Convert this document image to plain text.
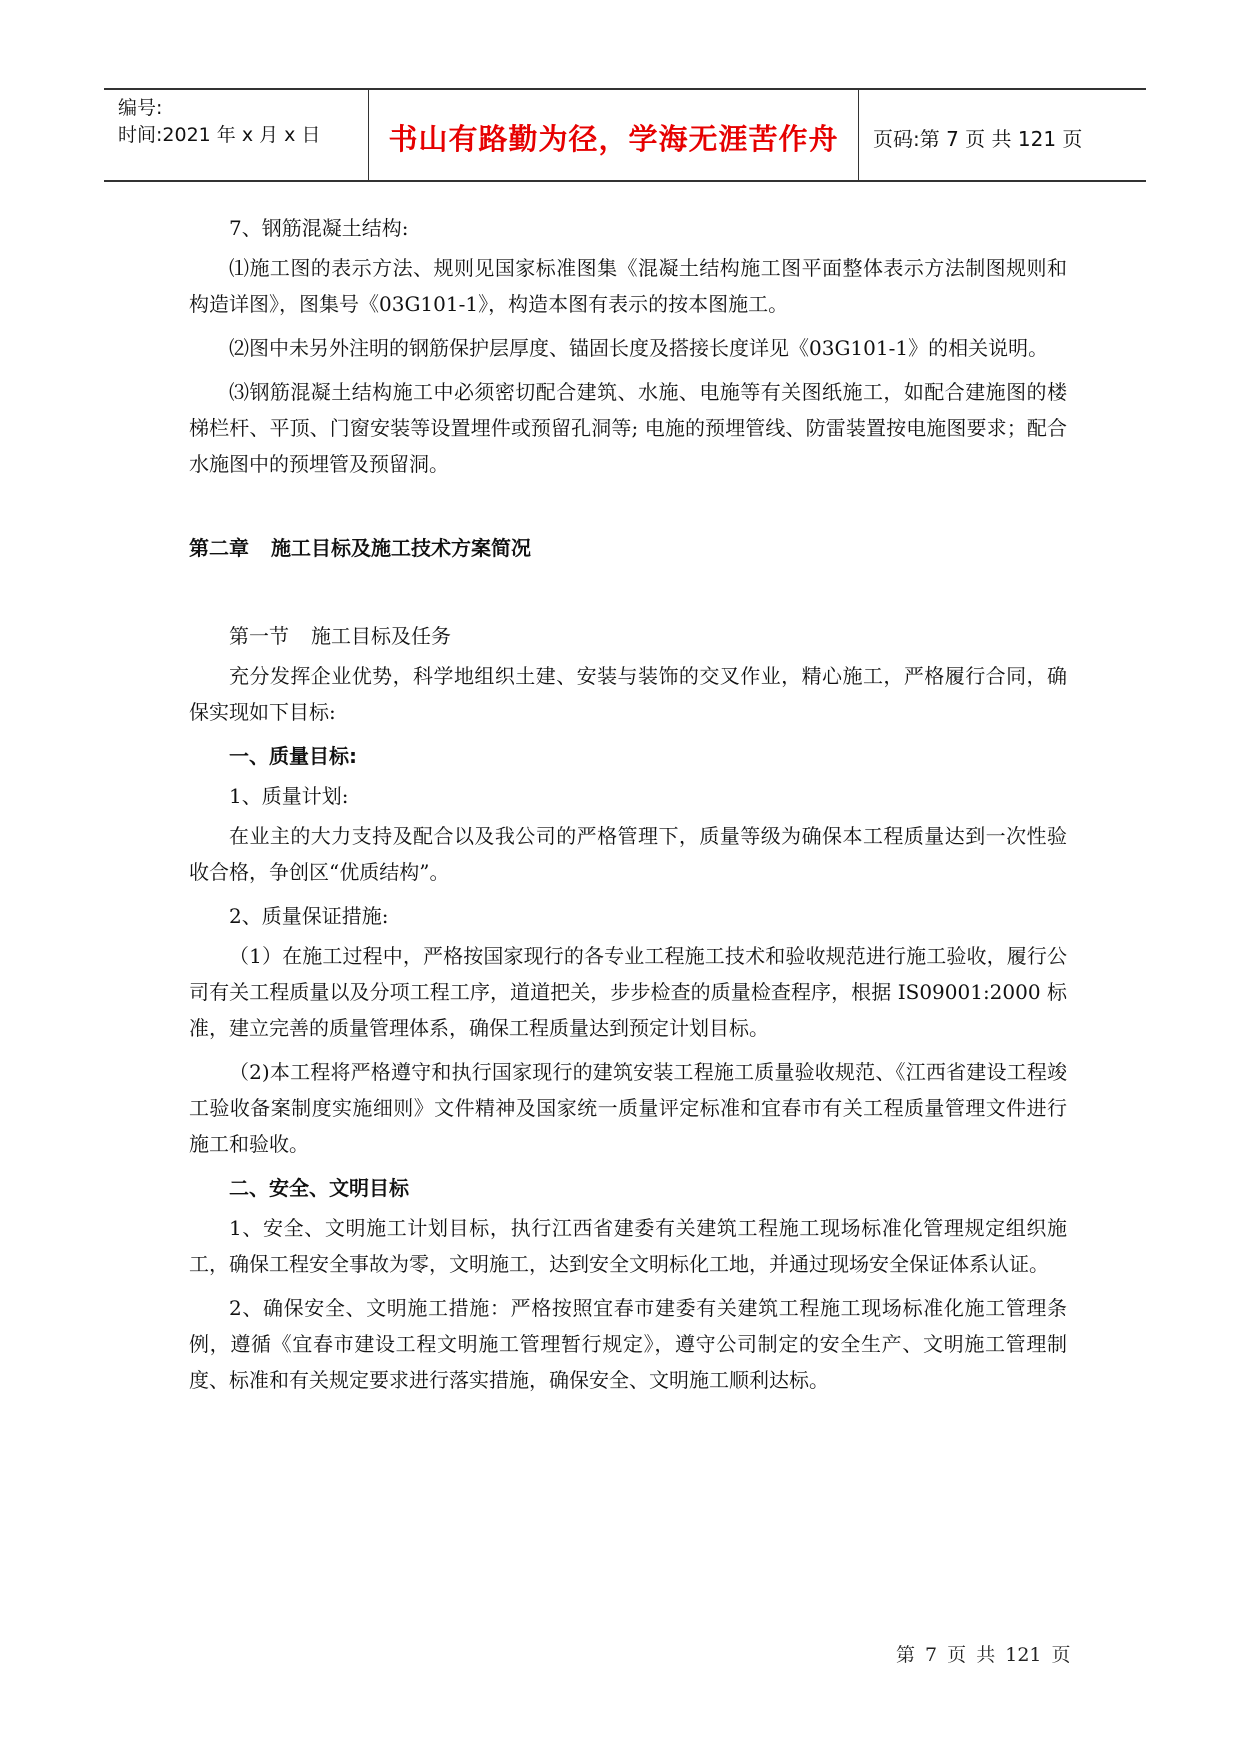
编号:
时间:2021 年 x 月 x 日	书山有路勤为径，学海无涯苦作舟	页码:第 7 页 共 121 页

7、钢筋混凝土结构:

⑴施工图的表示方法、规则见国家标准图集《混凝土结构施工图平面整体表示方法制图规则和构造详图》，图集号《03G101-1》，构造本图有表示的按本图施工。

⑵图中未另外注明的钢筋保护层厚度、锚固长度及搭接长度详见《03G101-1》的相关说明。

⑶钢筋混凝土结构施工中必须密切配合建筑、水施、电施等有关图纸施工，如配合建施图的楼梯栏杆、平顶、门窗安装等设置埋件或预留孔洞等; 电施的预埋管线、防雷装置按电施图要求；配合水施图中的预埋管及预留洞。

第二章 施工目标及施工技术方案简况

第一节 施工目标及任务

充分发挥企业优势，科学地组织土建、安装与装饰的交叉作业，精心施工，严格履行合同，确保实现如下目标:

一、质量目标:

1、质量计划:

在业主的大力支持及配合以及我公司的严格管理下，质量等级为确保本工程质量达到一次性验收合格，争创区“优质结构”。

2、质量保证措施:

（1）在施工过程中，严格按国家现行的各专业工程施工技术和验收规范进行施工验收，履行公司有关工程质量以及分项工程工序，道道把关，步步检查的质量检查程序，根据 IS09001:2000 标准，建立完善的质量管理体系，确保工程质量达到预定计划目标。

（2)本工程将严格遵守和执行国家现行的建筑安装工程施工质量验收规范、《江西省建设工程竣工验收备案制度实施细则》文件精神及国家统一质量评定标准和宜春市有关工程质量管理文件进行施工和验收。

二、安全、文明目标

1、安全、文明施工计划目标，执行江西省建委有关建筑工程施工现场标准化管理规定组织施工，确保工程安全事故为零，文明施工，达到安全文明标化工地，并通过现场安全保证体系认证。

2、确保安全、文明施工措施：严格按照宜春市建委有关建筑工程施工现场标准化施工管理条例，遵循《宜春市建设工程文明施工管理暂行规定》，遵守公司制定的安全生产、文明施工管理制度、标准和有关规定要求进行落实措施，确保安全、文明施工顺利达标。

第 7 页 共 121 页
